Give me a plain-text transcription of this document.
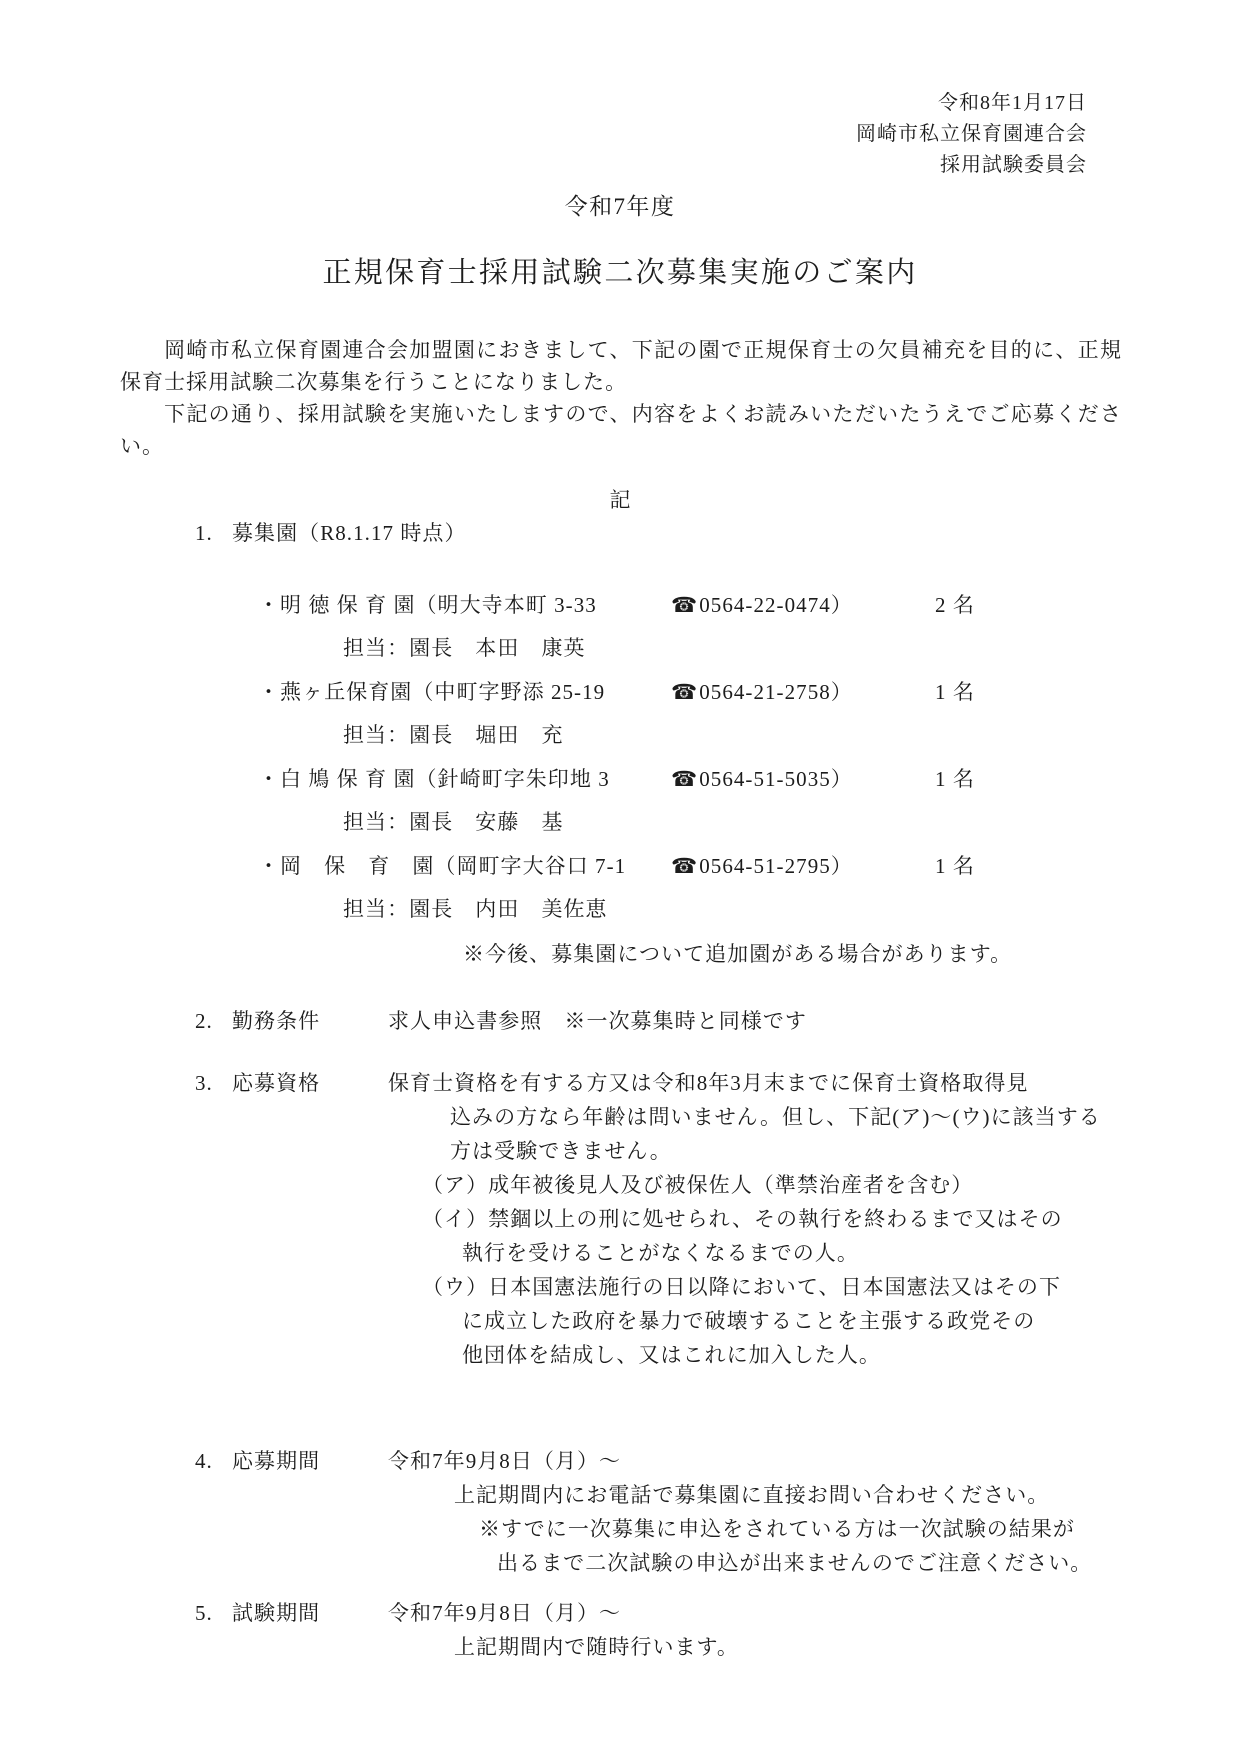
令和8年1月17日
岡崎市私立保育園連合会
採用試験委員会
令和7年度
正規保育士採用試験二次募集実施のご案内

岡崎市私立保育園連合会加盟園におきまして、下記の園で正規保育士の欠員補充を目的に、正規保育士採用試験二次募集を行うことになりました。

下記の通り、採用試験を実施いたしますので、内容をよくお読みいただいたうえでご応募ください。

記
1. 募集園（R8.1.17 時点）
・明 徳 保 育 園（明大寺本町 3-33	☎0564-22-0474）	2 名
担当：園長　本田　康英
・燕ヶ丘保育園（中町字野添 25-19	☎0564-21-2758）	1 名
担当：園長　堀田　充
・白 鳩 保 育 園（針崎町字朱印地 3	☎0564-51-5035）	1 名
担当：園長　安藤　基
・岡　保　育　園（岡町字大谷口 7-1 ☎0564-51-2795）	1 名
担当：園長　内田　美佐恵
※今後、募集園について追加園がある場合があります。
2. 勤務条件	求人申込書参照　※一次募集時と同様です
3. 応募資格	保育士資格を有する方又は令和8年3月末までに保育士資格取得見
込みの方なら年齢は問いません。但し、下記(ア)～(ウ)に該当する
方は受験できません。
（ア）成年被後見人及び被保佐人（準禁治産者を含む）
（イ）禁錮以上の刑に処せられ、その執行を終わるまで又はその
執行を受けることがなくなるまでの人。
（ウ）日本国憲法施行の日以降において、日本国憲法又はその下
に成立した政府を暴力で破壊することを主張する政党その
他団体を結成し、又はこれに加入した人。
4. 応募期間	令和7年9月8日（月）～
上記期間内にお電話で募集園に直接お問い合わせください。
※すでに一次募集に申込をされている方は一次試験の結果が
出るまで二次試験の申込が出来ませんのでご注意ください。
5. 試験期間	令和7年9月8日（月）～
上記期間内で随時行います。
